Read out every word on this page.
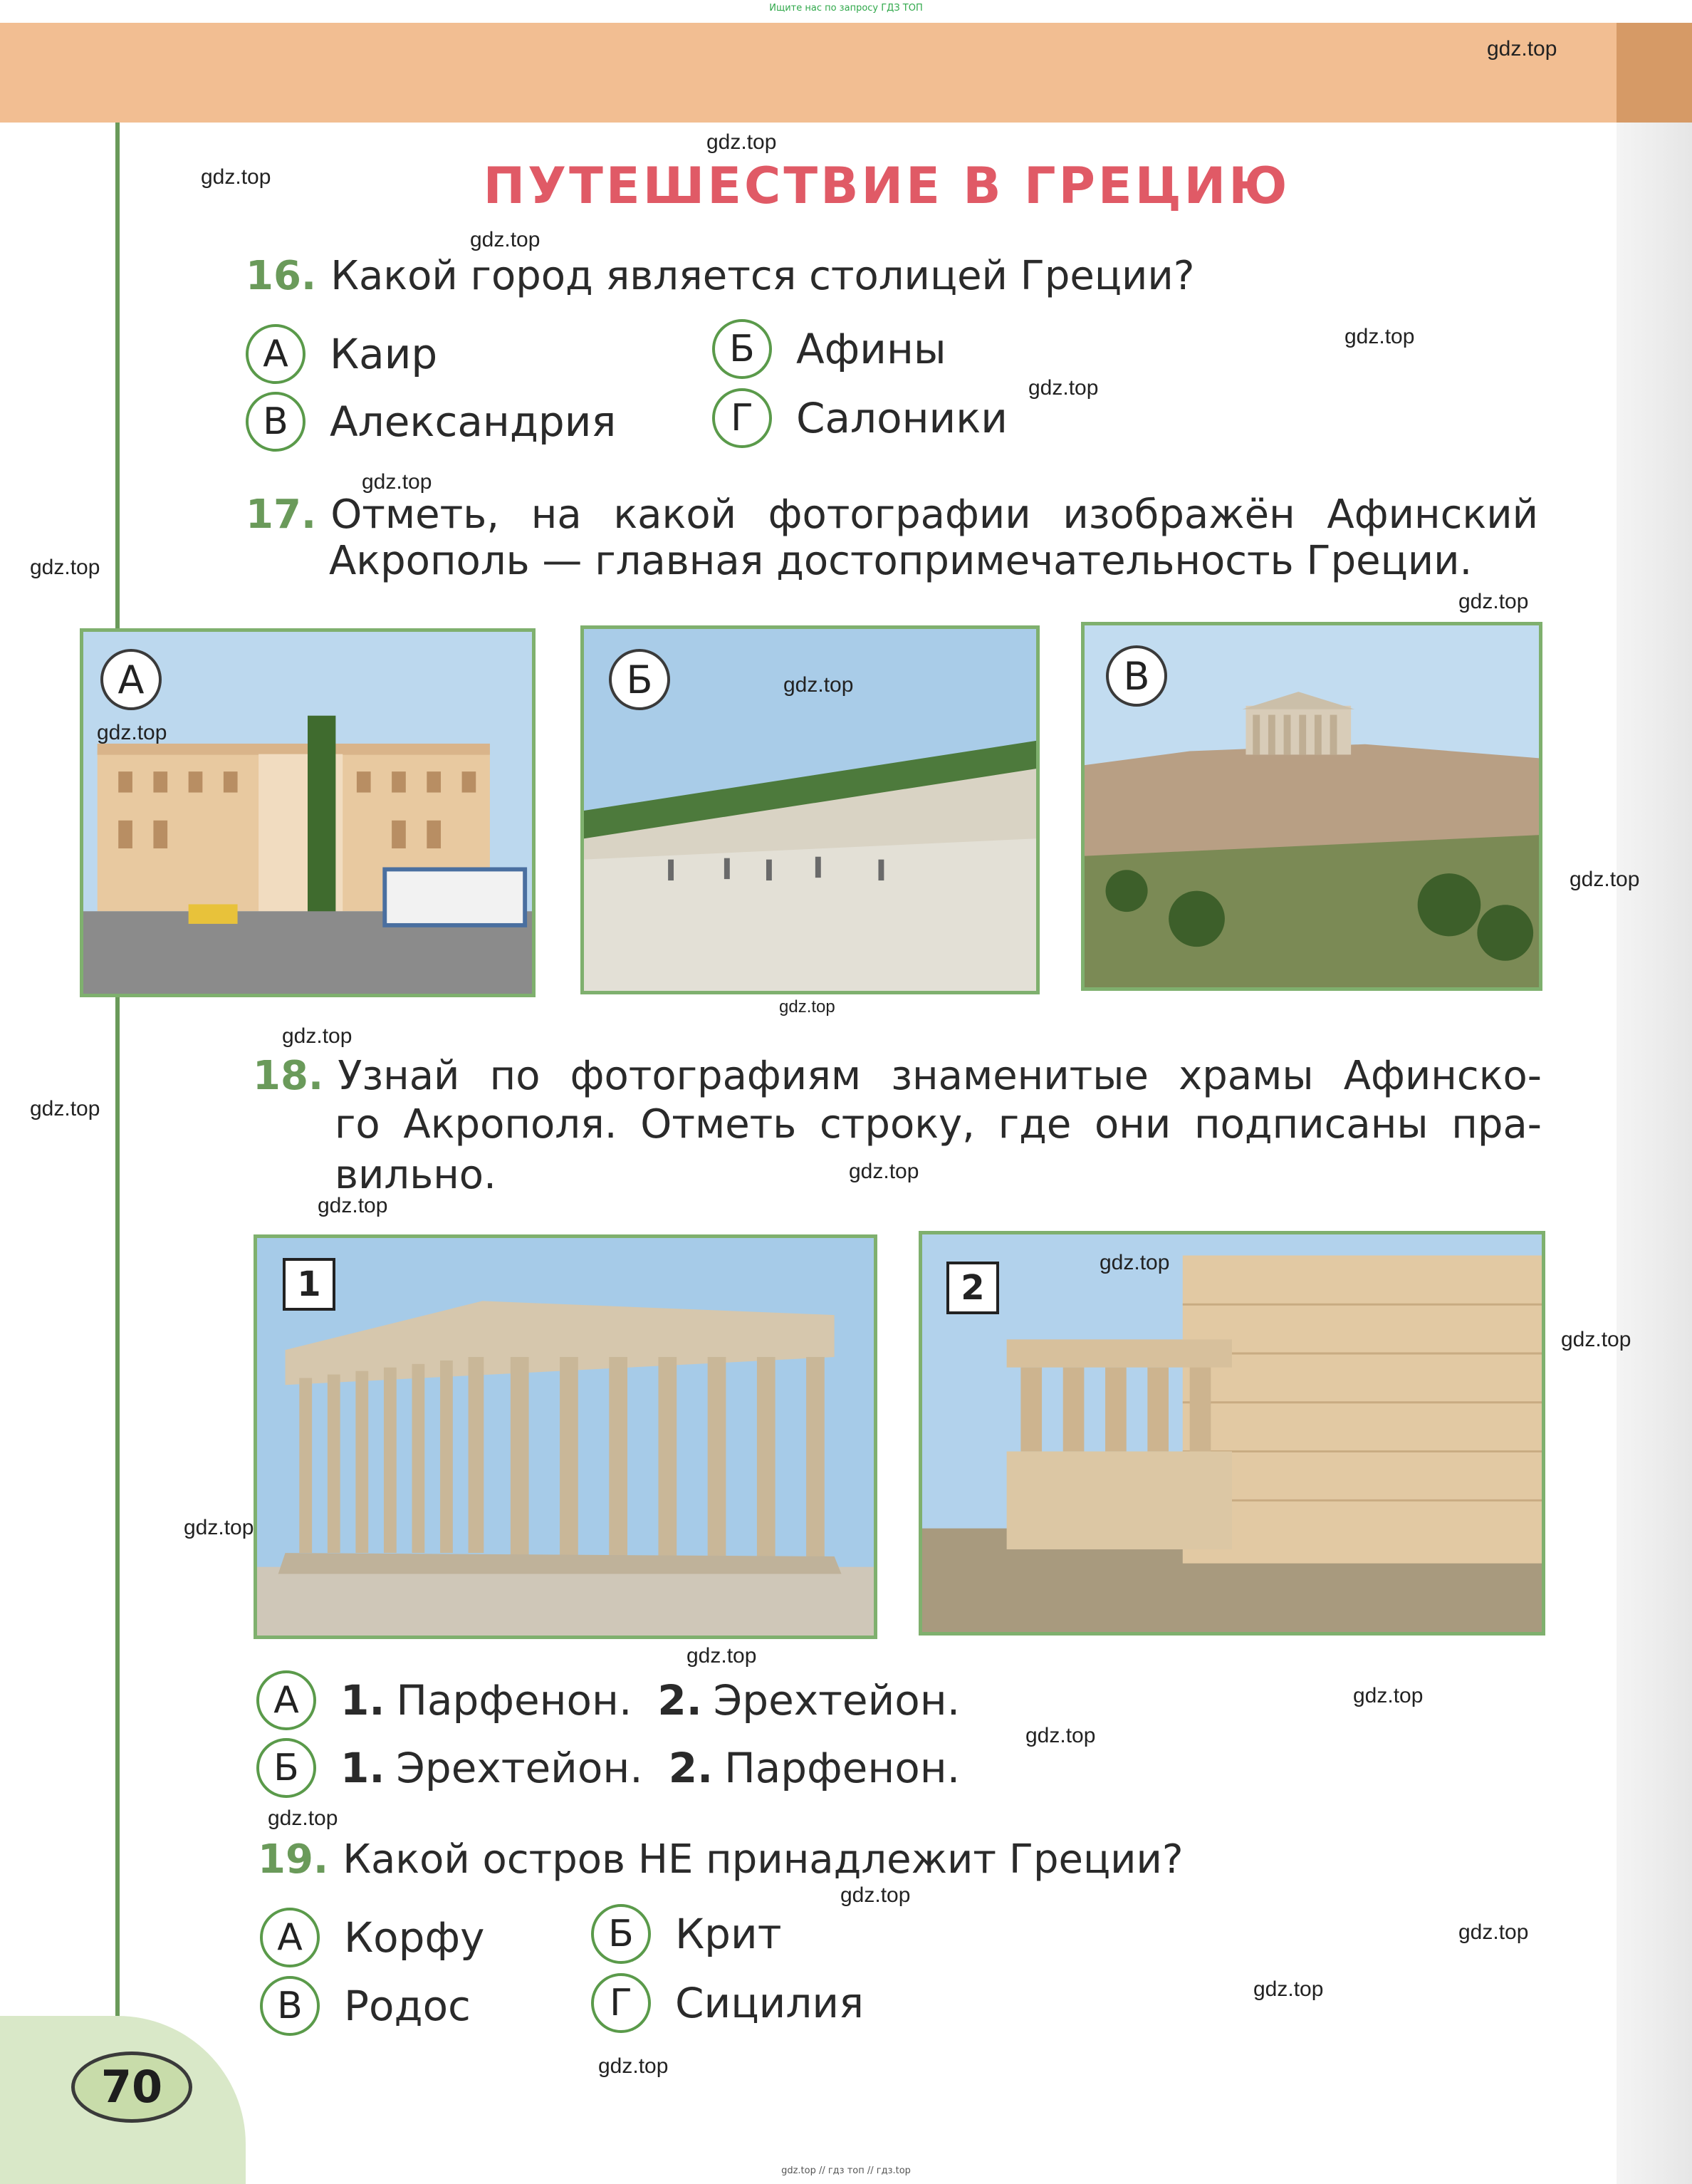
Ищите нас по запросу ГДЗ ТОП
70
ПУТЕШЕСТВИЕ В ГРЕЦИЮ
16. Какой город является столицей Греции?
А	Каир	Б	Афины
В	Александрия	Г	Салоники
17. Отметь, на какой фотографии изображён Афинский
Акрополь — главная достопримечательность Греции.
А	Б	В
18. Узнай по фотографиям знаменитые храмы Афинско-
го Акрополя. Отметь строку, где они подписаны пра-
вильно.
1	2
А	1. Парфенон. 2. Эрехтейон.
Б	1. Эрехтейон. 2. Парфенон.
19. Какой остров НЕ принадлежит Греции?
А	Корфу	Б	Крит
В	Родос	Г	Сицилия
gdz.top
gdz.top
gdz.top
gdz.top
gdz.top
gdz.top
gdz.top
gdz.top
gdz.top
gdz.top
gdz.top
gdz.top
gdz.top
gdz.top
gdz.top
gdz.top
gdz.top
gdz.top
gdz.top
gdz.top
gdz.top
gdz.top
gdz.top
gdz.top
gdz.top
gdz.top
gdz.top
gdz.top
gdz.top // гдз топ // гдз.top
